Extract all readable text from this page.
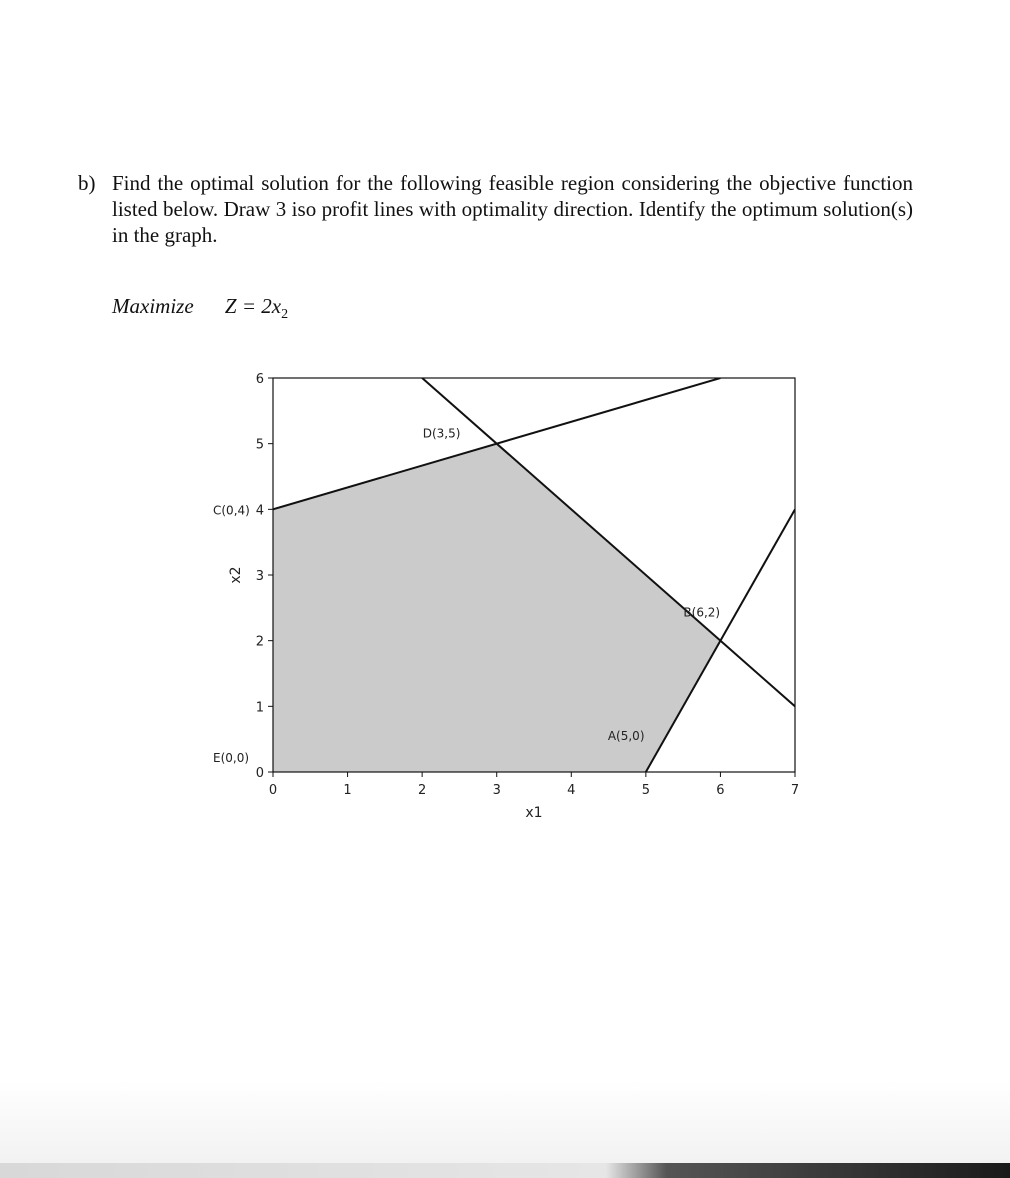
b) Find the optimal solution for the following feasible region considering the objective function listed below. Draw 3 iso profit lines with optimality direction. Identify the optimum solution(s) in the graph.
Maximize $Z = 2x_2$
0	1	2	3	4	5	6	7
0
1
2
3
4
5
6
x1
x2
E(0,0)
A(5,0)
B(6,2)
D(3,5)
C(0,4)
